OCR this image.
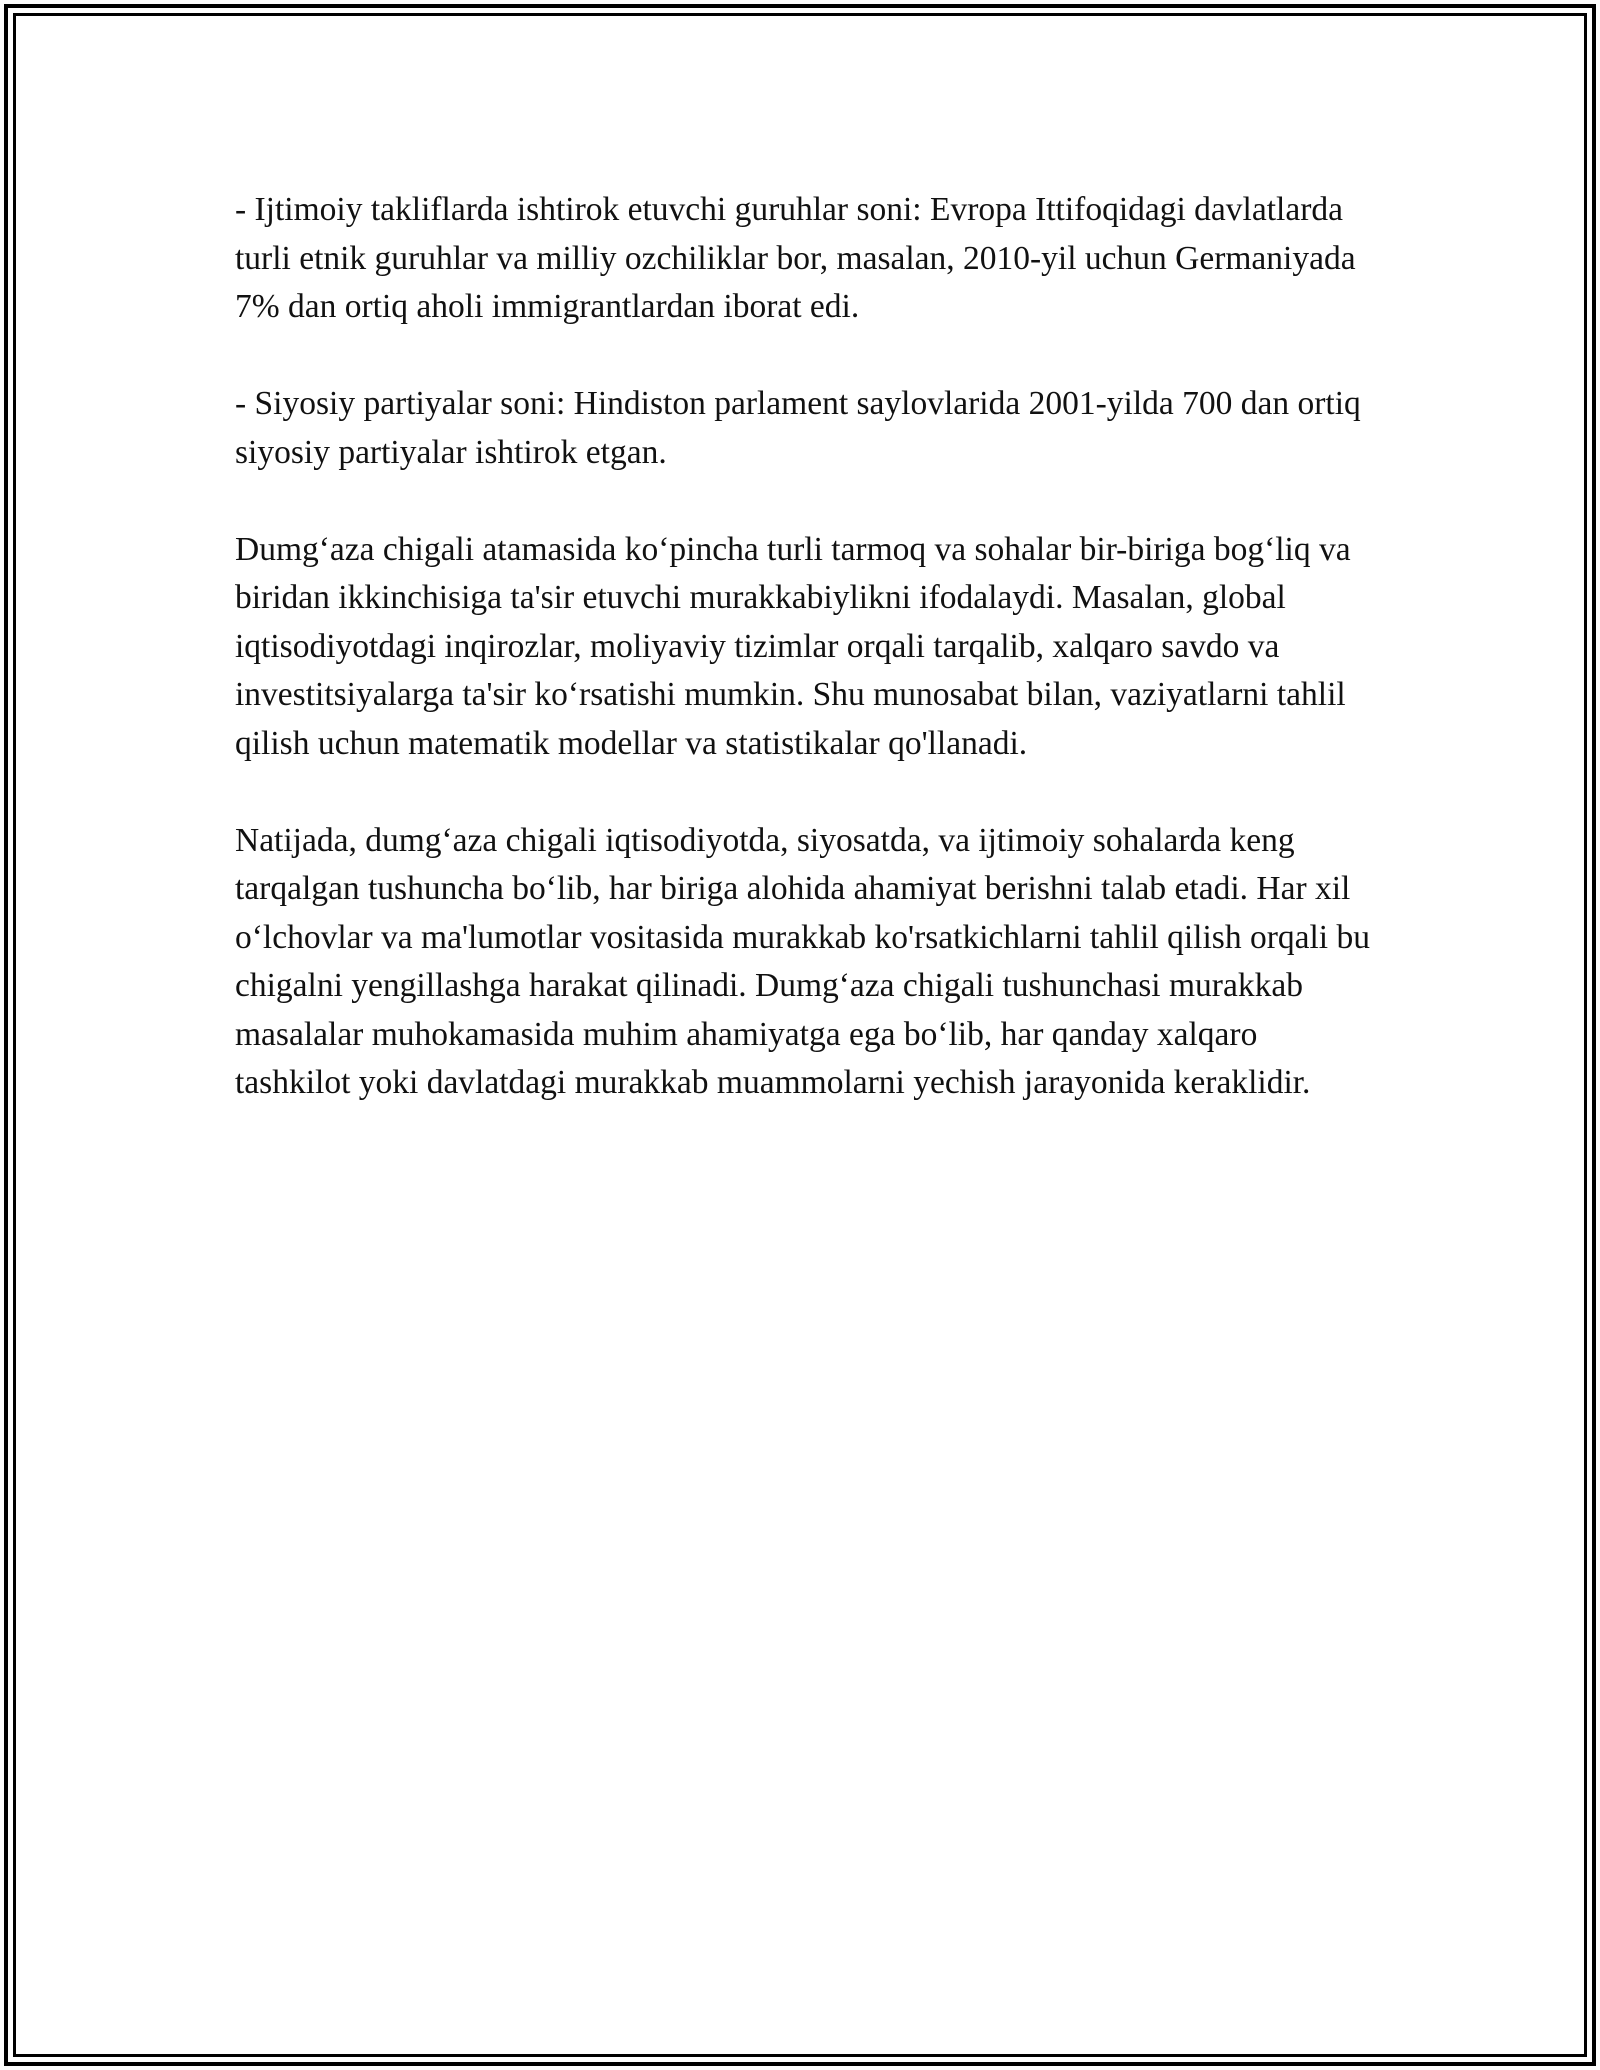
- Ijtimoiy takliflarda ishtirok etuvchi guruhlar soni: Evropa Ittifoqidagi davlatlarda turli etnik guruhlar va milliy ozchiliklar bor, masalan, 2010-yil uchun Germaniyada 7% dan ortiq aholi immigrantlardan iborat edi.

- Siyosiy partiyalar soni: Hindiston parlament saylovlarida 2001-yilda 700 dan ortiq siyosiy partiyalar ishtirok etgan.

Dumg‘aza chigali atamasida ko‘pincha turli tarmoq va sohalar bir-biriga bog‘liq va biridan ikkinchisiga ta'sir etuvchi murakkabiylikni ifodalaydi. Masalan, global iqtisodiyotdagi inqirozlar, moliyaviy tizimlar orqali tarqalib, xalqaro savdo va investitsiyalarga ta'sir ko‘rsatishi mumkin. Shu munosabat bilan, vaziyatlarni tahlil qilish uchun matematik modellar va statistikalar qo'llanadi.

Natijada, dumg‘aza chigali iqtisodiyotda, siyosatda, va ijtimoiy sohalarda keng tarqalgan tushuncha bo‘lib, har biriga alohida ahamiyat berishni talab etadi. Har xil o‘lchovlar va ma'lumotlar vositasida murakkab ko'rsatkichlarni tahlil qilish orqali bu chigalni yengillashga harakat qilinadi. Dumg‘aza chigali tushunchasi murakkab masalalar muhokamasida muhim ahamiyatga ega bo‘lib, har qanday xalqaro tashkilot yoki davlatdagi murakkab muammolarni yechish jarayonida keraklidir.
